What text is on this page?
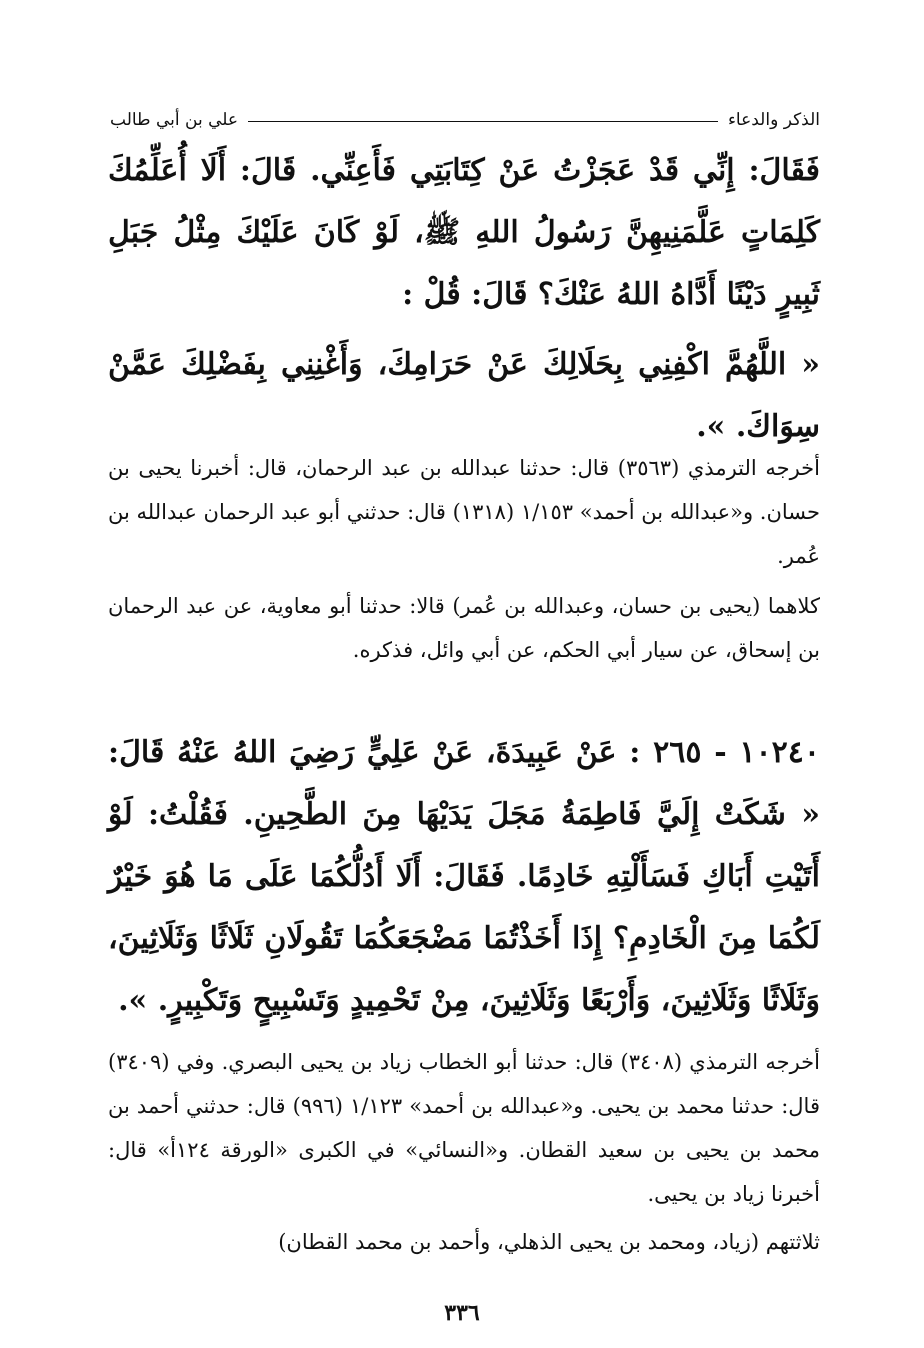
الذكر والدعاء
علي بن أبي طالب
فَقَالَ: إِنِّي قَدْ عَجَزْتُ عَنْ كِتَابَتِي فَأَعِنِّي. قَالَ: أَلَا أُعَلِّمُكَ كَلِمَاتٍ عَلَّمَنِيهِنَّ رَسُولُ اللهِ ﷺ، لَوْ كَانَ عَلَيْكَ مِثْلُ جَبَلِ ثَبِيرٍ دَيْنًا أَدَّاهُ اللهُ عَنْكَ؟ قَالَ: قُلْ :
« اللَّهُمَّ اكْفِنِي بِحَلَالِكَ عَنْ حَرَامِكَ، وَأَغْنِنِي بِفَضْلِكَ عَمَّنْ سِوَاكَ. ».
أخرجه الترمذي (٣٥٦٣) قال: حدثنا عبدالله بن عبد الرحمان، قال: أخبرنا يحيى بن حسان. و«عبدالله بن أحمد» ١/١٥٣ (١٣١٨) قال: حدثني أبو عبد الرحمان عبدالله بن عُمر.
كلاهما (يحيى بن حسان، وعبدالله بن عُمر) قالا: حدثنا أبو معاوية، عن عبد الرحمان بن إسحاق، عن سيار أبي الحكم، عن أبي وائل، فذكره.
١٠٢٤٠ - ٢٦٥ : عَنْ عَبِيدَةَ، عَنْ عَلِيٍّ رَضِيَ اللهُ عَنْهُ قَالَ: « شَكَتْ إِلَيَّ فَاطِمَةُ مَجَلَ يَدَيْهَا مِنَ الطَّحِينِ. فَقُلْتُ: لَوْ أَتَيْتِ أَبَاكِ فَسَأَلْتِهِ خَادِمًا. فَقَالَ: أَلَا أَدُلُّكُمَا عَلَى مَا هُوَ خَيْرٌ لَكُمَا مِنَ الْخَادِمِ؟ إِذَا أَخَذْتُمَا مَضْجَعَكُمَا تَقُولَانِ ثَلَاثًا وَثَلَاثِينَ، وَثَلَاثًا وَثَلَاثِينَ، وَأَرْبَعًا وَثَلَاثِينَ، مِنْ تَحْمِيدٍ وَتَسْبِيحٍ وَتَكْبِيرٍ. ».
أخرجه الترمذي (٣٤٠٨) قال: حدثنا أبو الخطاب زياد بن يحيى البصري. وفي (٣٤٠٩) قال: حدثنا محمد بن يحيى. و«عبدالله بن أحمد» ١/١٢٣ (٩٩٦) قال: حدثني أحمد بن محمد بن يحيى بن سعيد القطان. و«النسائي» في الكبرى «الورقة ١٢٤أ» قال: أخبرنا زياد بن يحيى.
ثلاثتهم (زياد، ومحمد بن يحيى الذهلي، وأحمد بن محمد القطان)
٣٣٦
